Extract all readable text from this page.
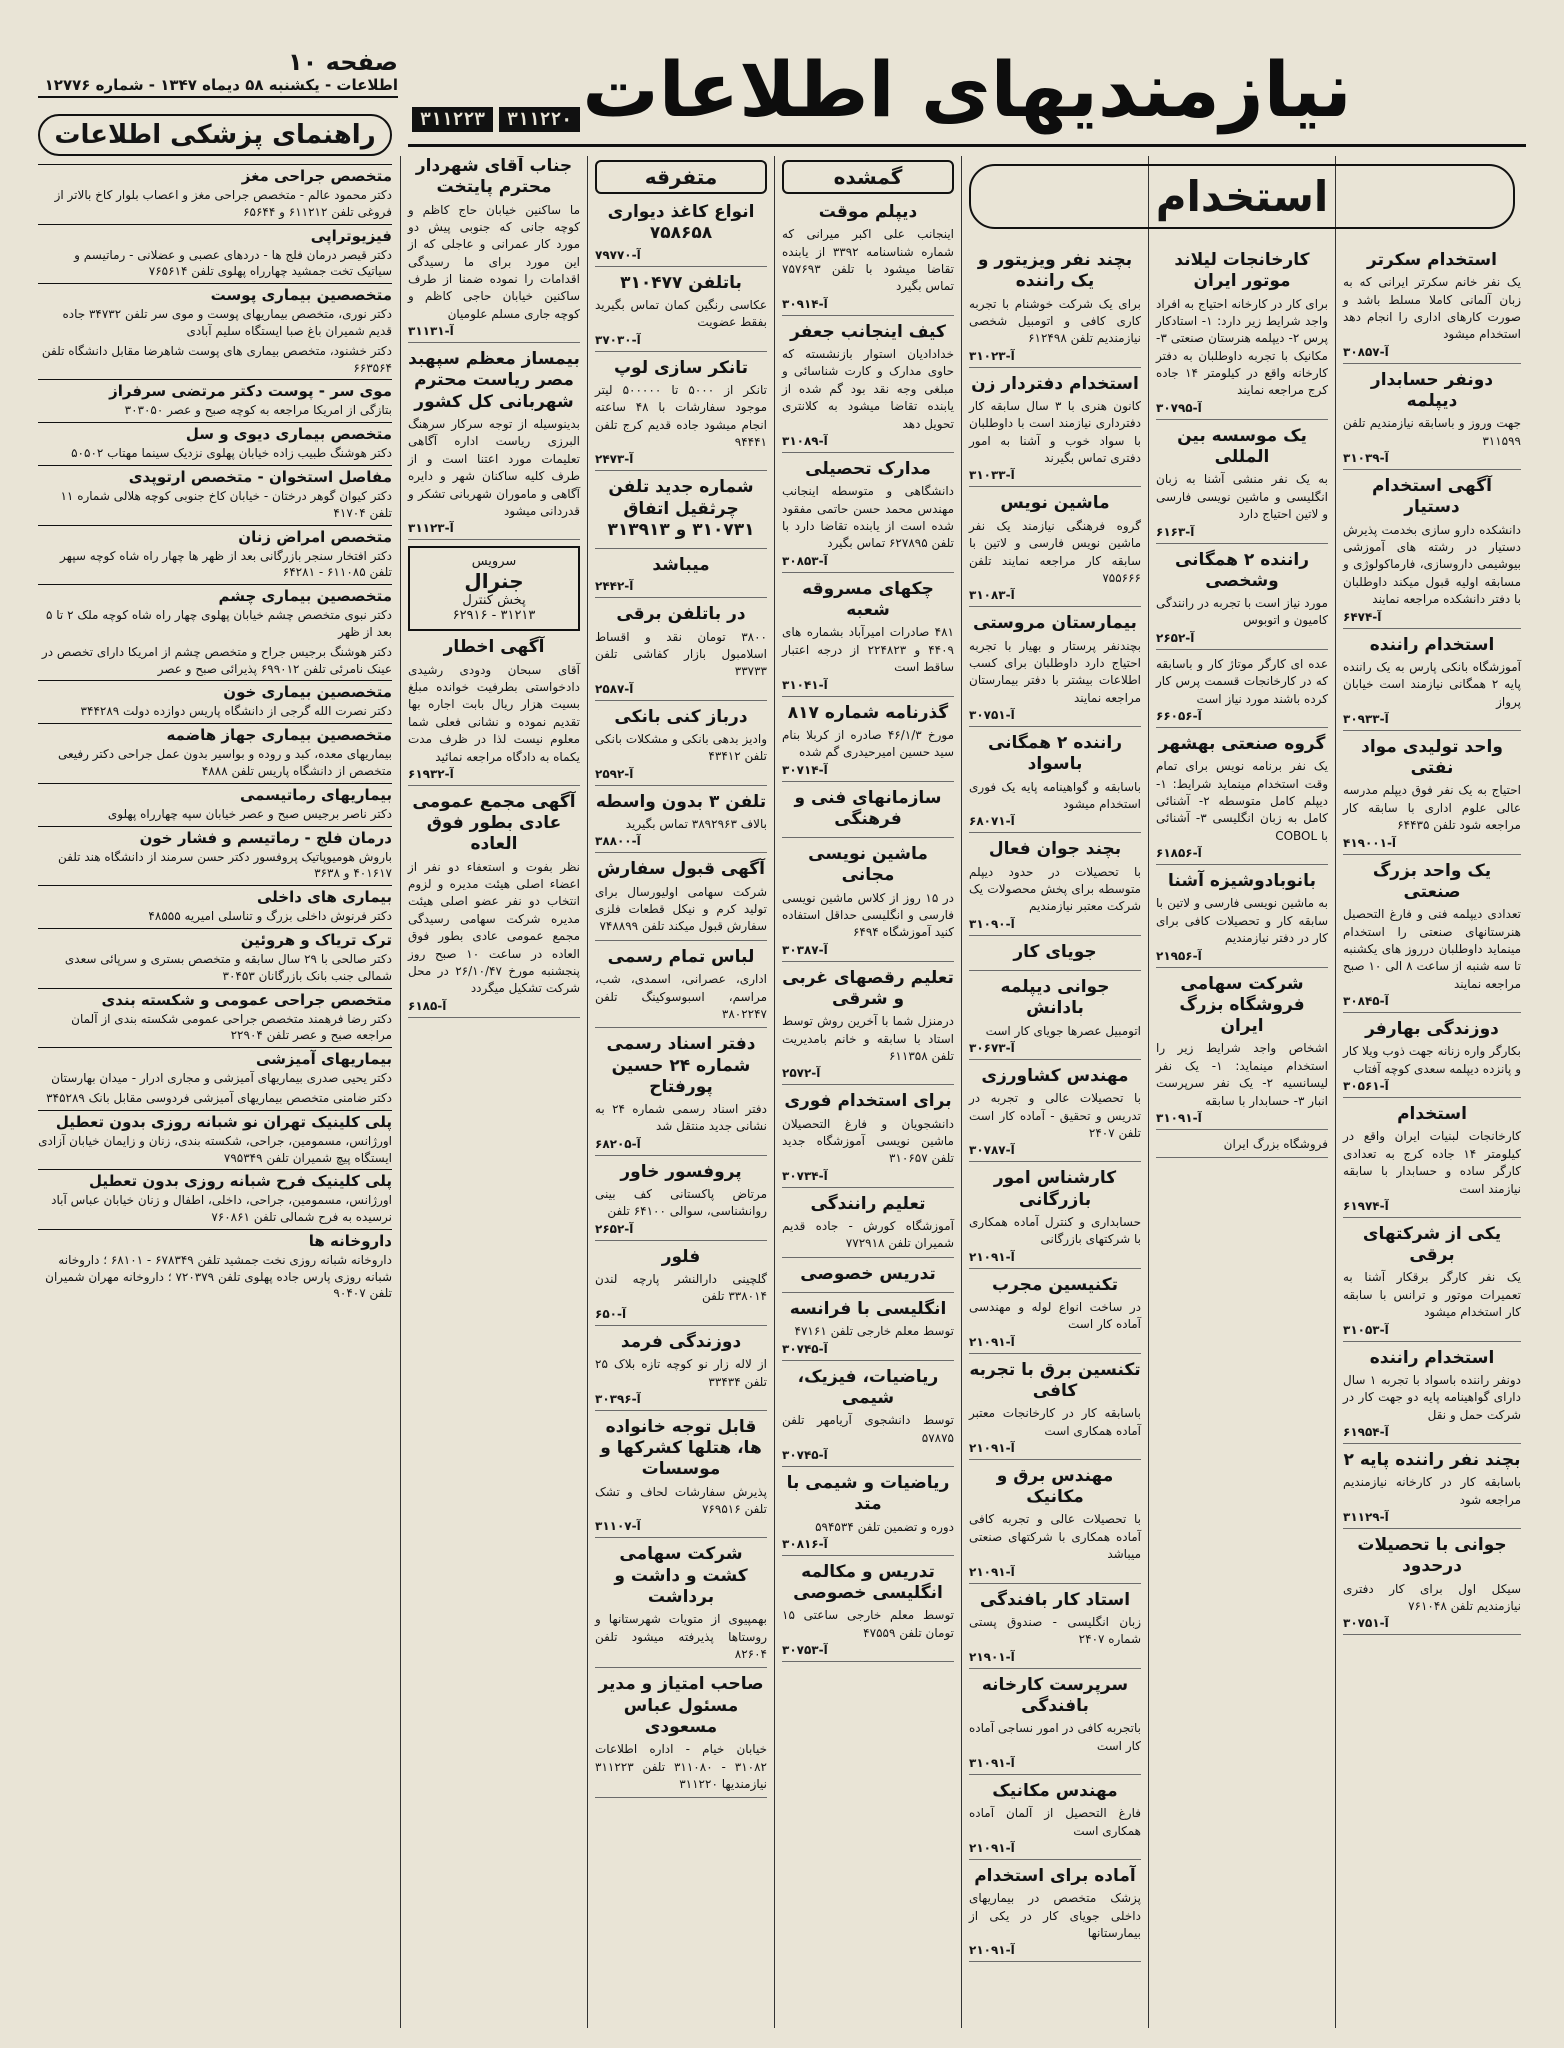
صفحه ۱۰
اطلاعات - یکشنبه ۵۸ دیماه ۱۳۴۷ - شماره ۱۲۷۷۶ نیازمندیهای اطلاعات
۳۱۱۲۲۳	۳۱۱۲۲۰
راهنمای پزشکی اطلاعات
متخصص جراحی مغز

دکتر محمود عالم - متخصص جراحی مغز و اعصاب بلوار کاخ بالاتر از فروغی تلفن ۶۱۱۲۱۲ و ۶۵۶۴۴

فیزیوتراپی

دکتر قیصر درمان فلج ها - دردهای عصبی و عضلانی - رماتیسم و سیاتیک تخت جمشید چهارراه پهلوی تلفن ۷۶۵۶۱۴

متخصصین بیماری پوست

دکتر نوری، متخصص بیماریهای پوست و موی سر تلفن ۳۴۷۳۲ جاده قدیم شمیران باغ صبا ایستگاه سلیم آبادی

دکتر خشنود، متخصص بیماری های پوست شاهرضا مقابل دانشگاه تلفن ۶۶۳۵۶۴

موی سر - پوست دکتر مرتضی سرفراز

بتازگی از امریکا مراجعه به کوچه صبح و عصر ۳۰۳۰۵۰

متخصص بیماری دیوی و سل

دکتر هوشنگ طبیب زاده خیابان پهلوی نزدیک سینما مهتاب ۵۰۵۰۲

مفاصل استخوان - متخصص ارتوپدی

دکتر کیوان گوهر درختان - خیابان کاخ جنوبی کوچه هلالی شماره ۱۱ تلفن ۴۱۷۰۴

متخصص امراض زنان

دکتر افتخار سنجر بازرگانی بعد از ظهر ها چهار راه شاه کوچه سپهر تلفن ۶۱۱۰۸۵ - ۶۴۲۸۱

متخصصین بیماری چشم

دکتر نبوی متخصص چشم خیابان پهلوی چهار راه شاه کوچه ملک ۲ تا ۵ بعد از ظهر

دکتر هوشنگ برجیس جراح و متخصص چشم از امریکا دارای تخصص در عینک نامرئی تلفن ۶۹۹۰۱۲ پذیرائی صبح و عصر

متخصصین بیماری خون

دکتر نصرت الله گرجی از دانشگاه پاریس دوازده دولت ۳۴۴۲۸۹

متخصصین بیماری جهاز هاضمه

بیماریهای معده، کبد و روده و بواسیر بدون عمل جراحی دکتر رفیعی متخصص از دانشگاه پاریس تلفن ۴۸۸۸

بیماریهای رماتیسمی

دکتر ناصر برجیس صبح و عصر خیابان سپه چهارراه پهلوی

درمان فلج - رماتیسم و فشار خون

باروش هومیوپاتیک پروفسور دکتر حسن سرمند از دانشگاه هند تلفن ۴۰۱۶۱۷ و ۳۶۳۸

بیماری های داخلی

دکتر فرنوش داخلی بزرگ و تناسلی امیریه ۴۸۵۵۵

ترک تریاک و هروئین

دکتر صالحی با ۲۹ سال سابقه و متخصص بستری و سرپائی سعدی شمالی جنب بانک بازرگانان ۳۰۴۵۳

متخصص جراحی عمومی و شکسته بندی

دکتر رضا فرهمند متخصص جراحی عمومی شکسته بندی از آلمان مراجعه صبح و عصر تلفن ۲۲۹۰۴

بیماریهای آمیزشی

دکتر یحیی صدری بیماریهای آمیزشی و مجاری ادرار - میدان بهارستان

دکتر ضامنی متخصص بیماریهای آمیزشی فردوسی مقابل بانک ۳۴۵۲۸۹

پلی کلینیک تهران نو شبانه روزی بدون تعطیل

اورژانس، مسمومین، جراحی، شکسته بندی، زنان و زایمان خیابان آزادی ایستگاه پیچ شمیران تلفن ۷۹۵۳۴۹

پلی کلینیک فرح شبانه روزی بدون تعطیل

اورژانس، مسمومین، جراحی، داخلی، اطفال و زنان خیابان عباس آباد نرسیده به فرح شمالی تلفن ۷۶۰۸۶۱

داروخانه ها

داروخانه شبانه روزی نخت جمشید تلفن ۶۷۸۳۴۹ - ۶۸۱۰۱ ؛ داروخانه شبانه روزی پارس جاده پهلوی تلفن ۷۲۰۳۷۹ ؛ داروخانه مهران شمیران تلفن ۹۰۴۰۷

جناب آقای شهردار محترم پایتخت

ما ساکنین خیابان حاج کاظم و کوچه جانی که جنوبی پیش دو مورد کار عمرانی و عاجلی که از این مورد برای ما رسیدگی اقدامات را نموده ضمنا از طرف ساکنین خیابان حاجی کاظم و کوچه جاری مسلم علومیان

آ-۳۱۱۳۱
بیمساز معظم سپهبد مصر ریاست محترم شهربانی کل کشور

بدینوسیله از توجه سرکار سرهنگ البرزی ریاست اداره آگاهی تعلیمات مورد اعتنا است و از طرف کلیه ساکنان شهر و دایره آگاهی و ماموران شهربانی تشکر و قدردانی میشود

آ-۳۱۱۲۳
سرویس
جنرال
پخش کنترل
۳۱۲۱۳ - ۶۲۹۱۶
آگهی اخطار

آقای سبحان ودودی رشیدی دادخواستی بطرفیت خوانده مبلغ بسیت هزار ریال بابت اجاره بها تقدیم نموده و نشانی فعلی شما معلوم نیست لذا در ظرف مدت یکماه به دادگاه مراجعه نمائید

آ-۶۱۹۳۲
آگهی مجمع عمومی عادی بطور فوق العاده

نظر بفوت و استعفاء دو نفر از اعضاء اصلی هیئت مدیره و لزوم انتخاب دو نفر عضو اصلی هیئت مدیره شرکت سهامی رسیدگی مجمع عمومی عادی بطور فوق العاده در ساعت ۱۰ صبح روز پنجشنبه مورخ ۲۶/۱۰/۴۷ در محل شرکت تشکیل میگردد

آ-۶۱۸۵
متفرقه
انواع کاغذ دیواری ۷۵۸۶۵۸
آ-۷۹۷۷۰
باتلفن ۳۱۰۴۷۷

عکاسی رنگین کمان تماس بگیرید بفقط عضویت

آ-۳۷۰۳۰
تانکر سازی لوپ

تانکر از ۵۰۰۰ تا ۵۰۰۰۰۰ لیتر موجود سفارشات با ۴۸ ساعته انجام میشود جاده قدیم کرج تلفن ۹۴۴۴۱

آ-۲۴۷۳
شماره جدید تلفن چرثقیل اتفاق ۳۱۰۷۳۱ و ۳۱۳۹۱۳
میباشد
آ-۲۴۴۲
در باتلفن برقی

۳۸۰۰ تومان نقد و اقساط اسلامبول بازار کفاشی تلفن ۳۳۷۳۳

آ-۲۵۸۷
درباز کنی بانکی

وادیز بدهی بانکی و مشکلات بانکی تلفن ۴۳۴۱۲

آ-۲۵۹۲
تلفن ۳ بدون واسطه

بالاف ۳۸۹۲۹۶۳ تماس بگیرید

آ-۳۸۸۰۰
آگهی قبول سفارش

شرکت سهامی اولیورسال برای تولید کرم و نیکل قطعات فلزی سفارش قبول میکند تلفن ۷۴۸۸۹۹

لباس تمام رسمی

اداری، عصرانی، اسمدی، شب، مراسم، اسبوسوکینگ تلفن ۳۸۰۲۲۴۷

دفتر اسناد رسمی شماره ۲۴ حسین پورفتاح

دفتر اسناد رسمی شماره ۲۴ به نشانی جدید منتقل شد

آ-۶۸۲۰۵
پروفسور خاور

مرتاض پاکستانی کف بینی روانشناسی، سوالی ۶۴۱۰۰ تلفن

آ-۲۶۵۲
فلور

گلچینی دارالنشر پارچه لندن ۳۳۸۰۱۴ تلفن

آ-۶۵۰
دوزندگی فرمد

از لاله زار نو کوچه تازه بلاک ۲۵ تلفن ۳۳۴۳۴

آ-۳۰۳۹۶
قابل توجه خانواده ها، هتلها کشرکها و موسسات

پذیرش سفارشات لحاف و تشک تلفن ۷۶۹۵۱۶

آ-۳۱۱۰۷
شرکت سهامی کشت و داشت و برداشت

بهمپیوی از متویات شهرستانها و روستاها پذیرفته میشود تلفن ۸۲۶۰۴

صاحب امتیاز و مدیر مسئول عباس مسعودی

خیابان خیام - اداره اطلاعات ۳۱۰۸۲ - ۳۱۱۰۸۰ تلفن ۳۱۱۲۲۳ نیازمندیها ۳۱۱۲۲۰

گمشده
دیپلم موقت

اینجانب علی اکبر میرانی که شماره شناسنامه ۳۳۹۲ از یابنده تقاضا میشود با تلفن ۷۵۷۶۹۳ تماس بگیرد

آ-۳۰۹۱۴
کیف اینجانب جعفر

خدادادیان استوار بازنشسته که حاوی مدارک و کارت شناسائی و مبلغی وجه نقد بود گم شده از یابنده تقاضا میشود به کلانتری تحویل دهد

آ-۳۱۰۸۹
مدارک تحصیلی

دانشگاهی و متوسطه اینجانب مهندس محمد حسن حاتمی مفقود شده است از یابنده تقاضا دارد با تلفن ۶۲۷۸۹۵ تماس بگیرد

آ-۳۰۸۵۳
چکهای مسروقه شعبه

۴۸۱ صادرات امیرآباد بشماره های ۴۴۰۹ و ۲۲۴۸۲۳ از درجه اعتبار ساقط است

آ-۳۱۰۴۱
گذرنامه شماره ۸۱۷

مورخ ۴۶/۱/۳ صادره از کربلا بنام سید حسین امیرحیدری گم شده

آ-۳۰۷۱۴
سازمانهای فنی و فرهنگی
ماشین نویسی مجانی

در ۱۵ روز از کلاس ماشین نویسی فارسی و انگلیسی حداقل استفاده کنید آموزشگاه ۶۴۹۴

آ-۳۰۳۸۷
تعلیم رقصهای غربی و شرقی

درمنزل شما با آخرین روش توسط استاد با سابقه و خانم بامدیریت تلفن ۶۱۱۳۵۸

آ-۲۵۷۲
برای استخدام فوری

دانشجویان و فارغ التحصیلان ماشین نویسی آموزشگاه جدید تلفن ۳۱۰۶۵۷

آ-۳۰۷۳۴
تعلیم رانندگی

آموزشگاه کورش - جاده قدیم شمیران تلفن ۷۷۲۹۱۸

تدریس خصوصی
انگلیسی با فرانسه

توسط معلم خارجی تلفن ۴۷۱۶۱

آ-۳۰۷۴۵
ریاضیات، فیزیک، شیمی

توسط دانشجوی آریامهر تلفن ۵۷۸۷۵

آ-۳۰۷۴۵
ریاضیات و شیمی با متد

دوره و تضمین تلفن ۵۹۴۵۳۴

آ-۳۰۸۱۶
تدریس و مکالمه انگلیسی خصوصی

توسط معلم خارجی ساعتی ۱۵ تومان تلفن ۴۷۵۵۹

آ-۳۰۷۵۳
بچند نفر ویزیتور و یک راننده

برای یک شرکت خوشنام با تجربه کاری کافی و اتومبیل شخصی نیازمندیم تلفن ۶۱۲۴۹۸

آ-۳۱۰۲۳
استخدام دفتردار زن

کانون هنری با ۳ سال سابقه کار دفترداری نیازمند است با داوطلبان با سواد خوب و آشنا به امور دفتری تماس بگیرند

آ-۳۱۰۳۳
ماشین نویس

گروه فرهنگی نیازمند یک نفر ماشین نویس فارسی و لاتین با سابقه کار مراجعه نمایند تلفن ۷۵۵۶۶۶

آ-۳۱۰۸۳
بیمارستان مروستی

بچندنفر پرستار و بهیار با تجربه احتیاج دارد داوطلبان برای کسب اطلاعات بیشتر با دفتر بیمارستان مراجعه نمایند

آ-۳۰۷۵۱
راننده ۲ همگانی باسواد

باسابقه و گواهینامه پایه یک فوری استخدام میشود

آ-۶۸۰۷۱
بچند جوان فعال

با تحصیلات در حدود دیپلم متوسطه برای پخش محصولات یک شرکت معتبر نیازمندیم

آ-۳۱۰۹۰
جویای کار
جوانی دیپلمه بادانش

اتومبیل عصرها جویای کار است

آ-۳۰۶۷۳
مهندس کشاورزی

با تحصیلات عالی و تجربه در تدریس و تحقیق - آماده کار است تلفن ۲۴۰۷

آ-۳۰۷۸۷
کارشناس امور بازرگانی

حسابداری و کنترل آماده همکاری با شرکتهای بازرگانی

آ-۲۱۰۹۱
تکنیسین مجرب

در ساخت انواع لوله و مهندسی آماده کار است

آ-۲۱۰۹۱
تکنسین برق با تجربه کافی

باسابقه کار در کارخانجات معتبر آماده همکاری است

آ-۲۱۰۹۱
مهندس برق و مکانیک

با تحصیلات عالی و تجربه کافی آماده همکاری با شرکتهای صنعتی میباشد

آ-۲۱۰۹۱
استاد کار بافندگی

زبان انگلیسی - صندوق پستی شماره ۲۴۰۷

آ-۲۱۹۰۱
سرپرست کارخانه بافندگی

باتجربه کافی در امور نساجی آماده کار است

آ-۳۱۰۹۱
مهندس مکانیک

فارغ التحصیل از آلمان آماده همکاری است

آ-۲۱۰۹۱
آماده برای استخدام

پزشک متخصص در بیماریهای داخلی جویای کار در یکی از بیمارستانها

آ-۲۱۰۹۱
استخدام
کارخانجات لیلاند موتور ایران

برای کار در کارخانه احتیاج به افراد واجد شرایط زیر دارد: ۱- استادکار پرس ۲- دیپلمه هنرستان صنعتی ۳- مکانیک با تجربه داوطلبان به دفتر کارخانه واقع در کیلومتر ۱۴ جاده کرج مراجعه نمایند

آ-۳۰۷۹۵
یک موسسه بین المللی

به یک نفر منشی آشنا به زبان انگلیسی و ماشین نویسی فارسی و لاتین احتیاج دارد

آ-۶۱۶۳
راننده ۲ همگانی وشخصی

مورد نیاز است با تجربه در رانندگی کامیون و اتوبوس

آ-۲۶۵۲

عده ای کارگر موتاژ کار و باسابقه که در کارخانجات قسمت پرس کار کرده باشند مورد نیاز است

آ-۶۶۰۵۶
گروه صنعتی بهشهر

یک نفر برنامه نویس برای تمام وقت استخدام مینماید شرایط: ۱- دیپلم کامل متوسطه ۲- آشنائی کامل به زبان انگلیسی ۳- آشنائی با COBOL

آ-۶۱۸۵۶
بانوبادوشیزه آشنا

به ماشین نویسی فارسی و لاتین با سابقه کار و تحصیلات کافی برای کار در دفتر نیازمندیم

آ-۲۱۹۵۶
شرکت سهامی فروشگاه بزرگ ایران

اشخاص واجد شرایط زیر را استخدام مینماید: ۱- یک نفر لیسانسیه ۲- یک نفر سرپرست انبار ۳- حسابدار با سابقه

آ-۳۱۰۹۱

فروشگاه بزرگ ایران

استخدام سکرتر

یک نفر خانم سکرتر ایرانی که به زبان آلمانی کاملا مسلط باشد و صورت کارهای اداری را انجام دهد استخدام میشود

آ-۳۰۸۵۷
دونفر حسابدار دیپلمه

جهت وروز و باسابقه نیازمندیم تلفن ۳۱۱۵۹۹

آ-۳۱۰۳۹
آگهی استخدام دستیار

دانشکده دارو سازی بخدمت پذیرش دستیار در رشته های آموزشی بیوشیمی داروسازی، فارماکولوژی و مسابقه اولیه قبول میکند داوطلبان با دفتر دانشکده مراجعه نمایند

آ-۶۴۷۴
استخدام راننده

آموزشگاه بانکی پارس به یک راننده پایه ۲ همگانی نیازمند است خیابان پرواز

آ-۳۰۹۳۳
واحد تولیدی مواد نفتی

احتیاج به یک نفر فوق دیپلم مدرسه عالی علوم اداری با سابقه کار مراجعه شود تلفن ۶۴۴۳۵

آ-۴۱۹۰۰۱
یک واحد بزرگ صنعتی

تعدادی دیپلمه فنی و فارغ التحصیل هنرستانهای صنعتی را استخدام مینماید داوطلبان درروز های یکشنبه تا سه شنبه از ساعت ۸ الی ۱۰ صبح مراجعه نمایند

آ-۳۰۸۴۵
دوزندگی بهارفر

بکارگر واره زنانه جهت ذوب ویلا کار و پانزده دیپلمه سعدی کوچه آفتاب

آ-۳۰۵۶۱
استخدام

کارخانجات لبنیات ایران واقع در کیلومتر ۱۴ جاده کرج به تعدادی کارگر ساده و حسابدار با سابقه نیازمند است

آ-۶۱۹۷۴
یکی از شرکتهای برقی

یک نفر کارگر برقکار آشنا به تعمیرات موتور و ترانس با سابقه کار استخدام میشود

آ-۳۱۰۵۳
استخدام راننده

دونفر راننده باسواد با تجربه ۱ سال دارای گواهینامه پایه دو جهت کار در شرکت حمل و نقل

آ-۶۱۹۵۴
بچند نفر راننده پایه ۲

باسابقه کار در کارخانه نیازمندیم مراجعه شود

آ-۳۱۱۲۹
جوانی با تحصیلات درحدود

سیکل اول برای کار دفتری نیازمندیم تلفن ۷۶۱۰۴۸

آ-۳۰۷۵۱
